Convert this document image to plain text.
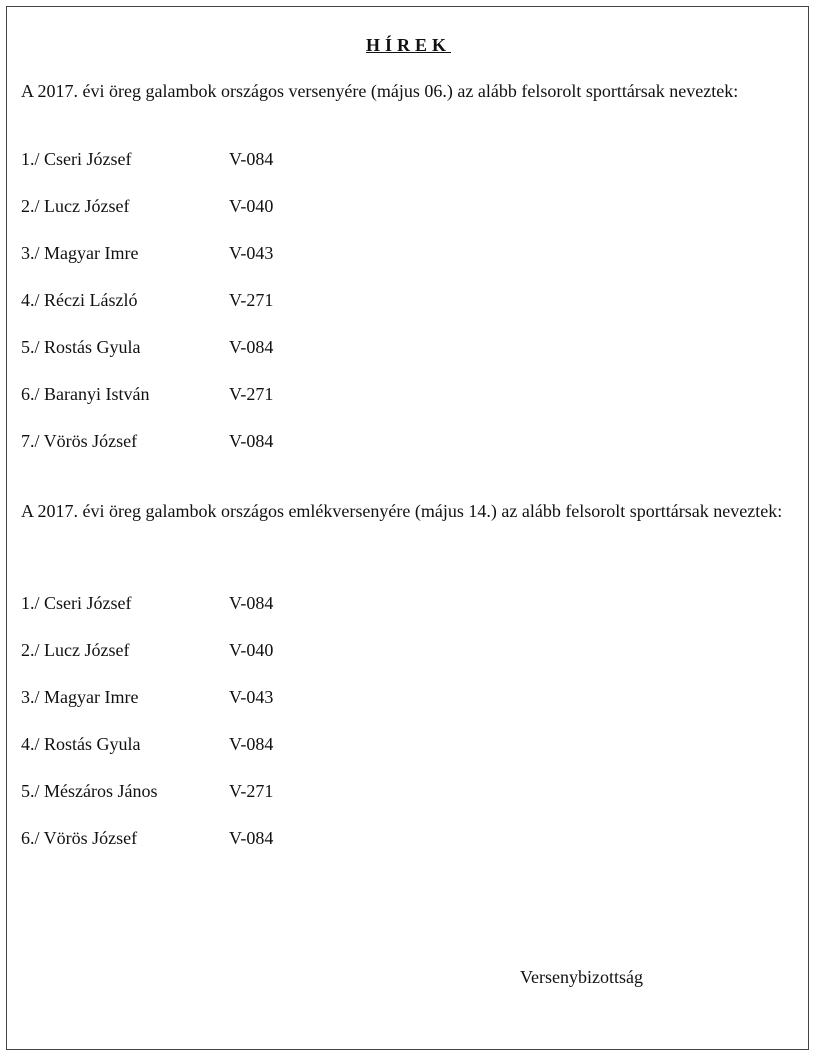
HÍREK
A 2017. évi öreg galambok országos versenyére (május 06.) az alább felsorolt sporttársak neveztek:
1./ Cseri József	V-084
2./ Lucz József	V-040
3./ Magyar Imre	V-043
4./ Réczi László	V-271
5./ Rostás Gyula	V-084
6./ Baranyi István	V-271
7./ Vörös József	V-084
A 2017. évi öreg galambok országos emlékversenyére (május 14.) az alább felsorolt sporttársak neveztek:
1./ Cseri József	V-084
2./ Lucz József	V-040
3./ Magyar Imre	V-043
4./ Rostás Gyula	V-084
5./ Mészáros János	V-271
6./ Vörös József	V-084
Versenybizottság
